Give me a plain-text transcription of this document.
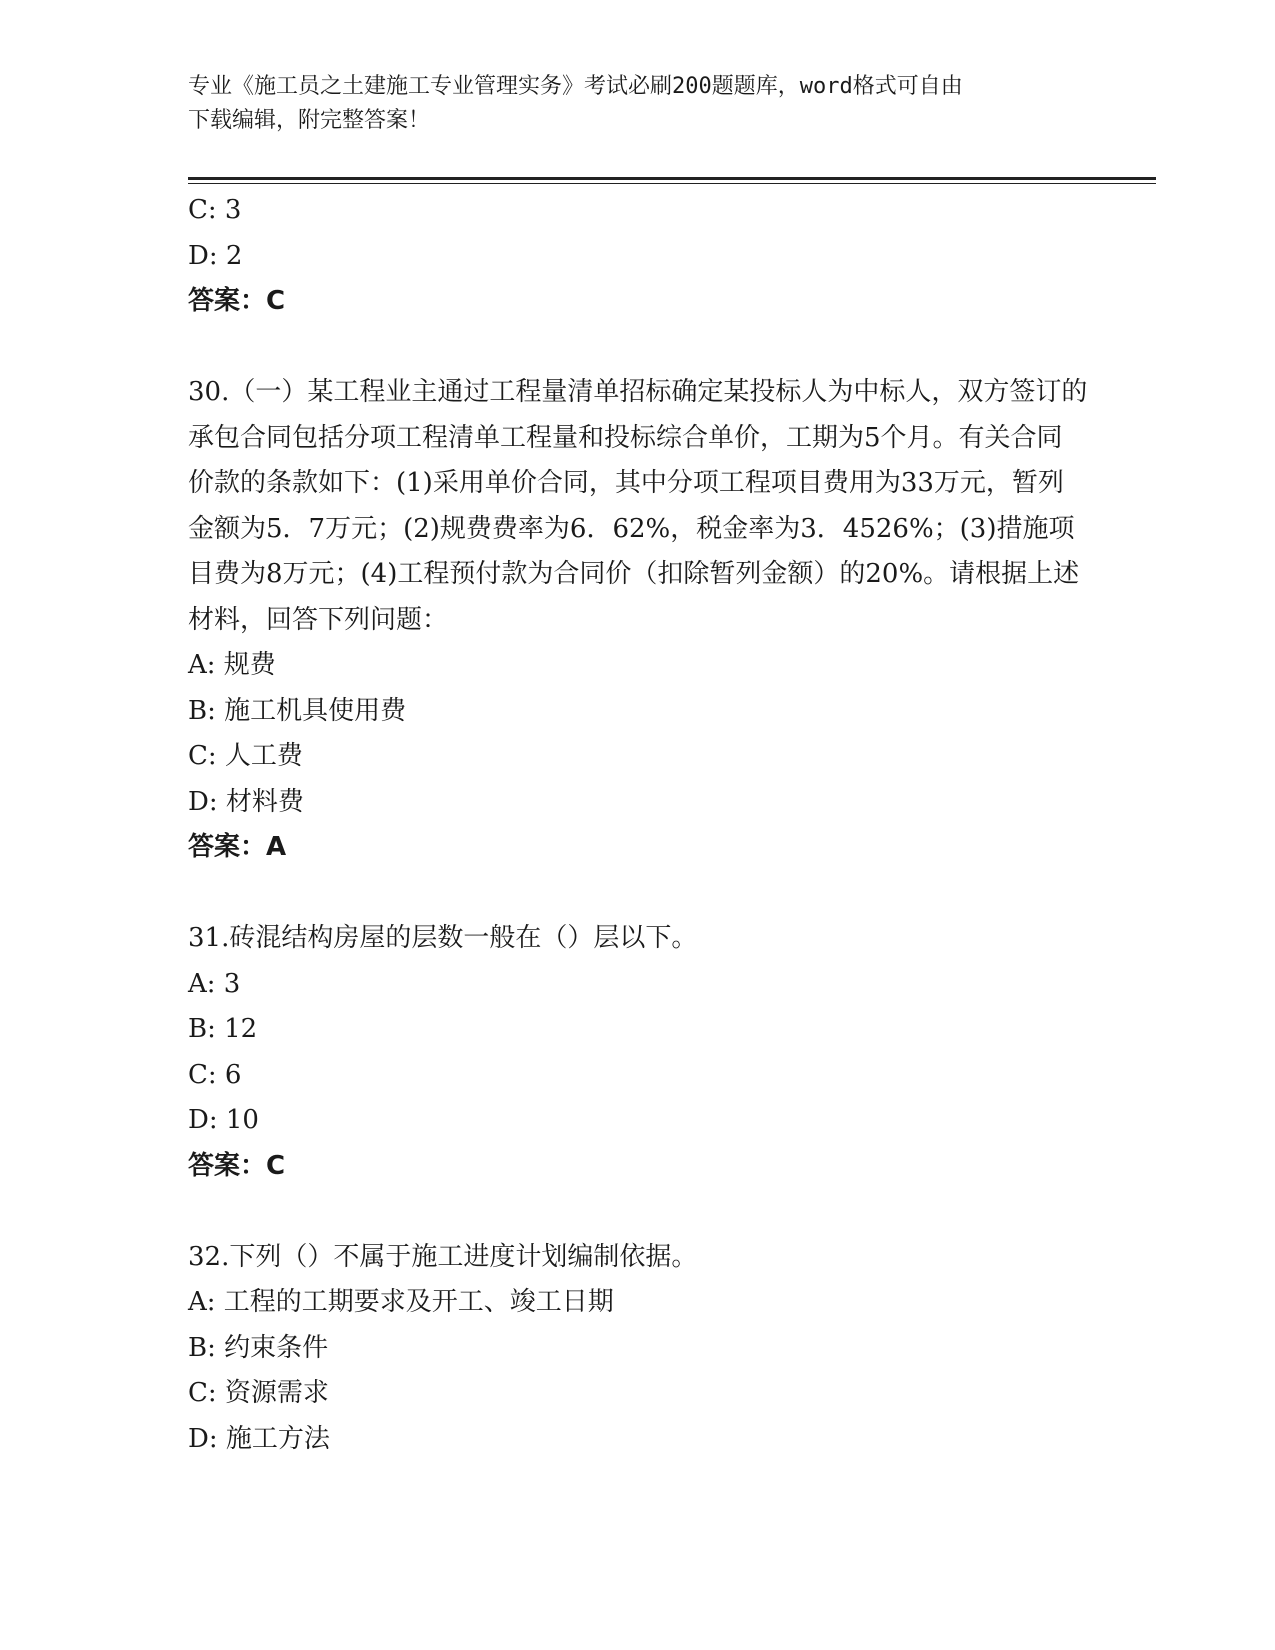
专业《施工员之土建施工专业管理实务》考试必刷200题题库，word格式可自由
下载编辑，附完整答案！
C: 3
D: 2
答案：C
30.（一）某工程业主通过工程量清单招标确定某投标人为中标人，双方签订的承包合同包括分项工程清单工程量和投标综合单价，工期为5个月。有关合同价款的条款如下：(1)采用单价合同，其中分项工程项目费用为33万元，暂列金额为5．7万元；(2)规费费率为6．62%，税金率为3．4526%；(3)措施项目费为8万元；(4)工程预付款为合同价（扣除暂列金额）的20%。请根据上述材料，回答下列问题：
A: 规费
B: 施工机具使用费
C: 人工费
D: 材料费
答案：A
31.砖混结构房屋的层数一般在（）层以下。
A: 3
B: 12
C: 6
D: 10
答案：C
32.下列（）不属于施工进度计划编制依据。
A: 工程的工期要求及开工、竣工日期
B: 约束条件
C: 资源需求
D: 施工方法
